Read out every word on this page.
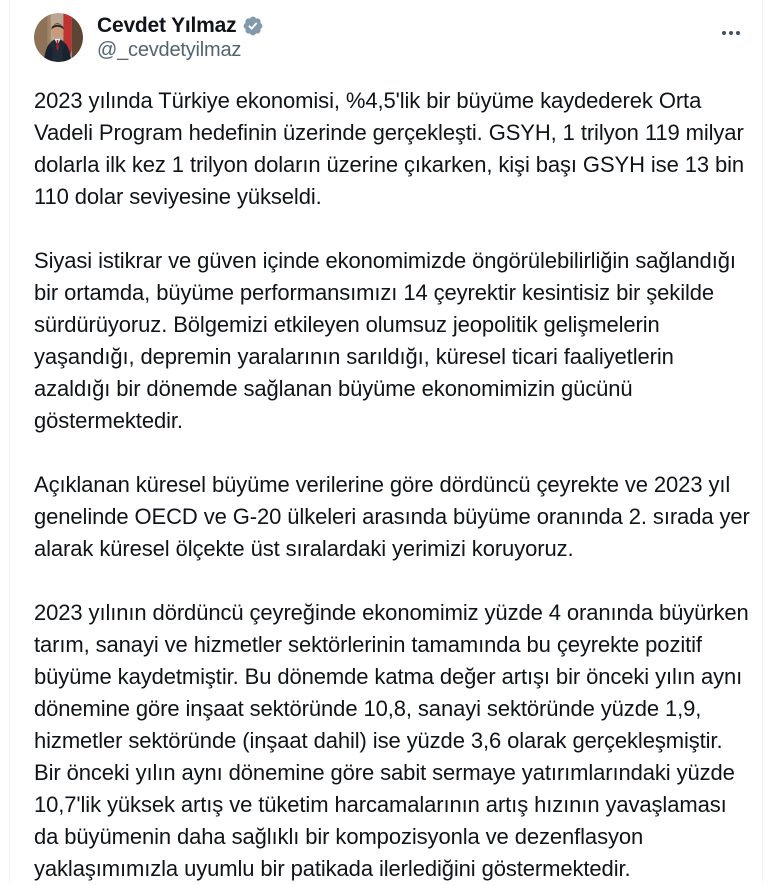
Cevdet Yılmaz
@_cevdetyilmaz

2023 yılında Türkiye ekonomisi, %4,5'lik bir büyüme kaydederek Orta Vadeli Program hedefinin üzerinde gerçekleşti. GSYH, 1 trilyon 119 milyar dolarla ilk kez 1 trilyon doların üzerine çıkarken, kişi başı GSYH ise 13 bin 110 dolar seviyesine yükseldi.

Siyasi istikrar ve güven içinde ekonomimizde öngörülebilirliğin sağlandığı bir ortamda, büyüme performansımızı 14 çeyrektir kesintisiz bir şekilde sürdürüyoruz. Bölgemizi etkileyen olumsuz jeopolitik gelişmelerin yaşandığı, depremin yaralarının sarıldığı, küresel ticari faaliyetlerin azaldığı bir dönemde sağlanan büyüme ekonomimizin gücünü göstermektedir.

Açıklanan küresel büyüme verilerine göre dördüncü çeyrekte ve 2023 yıl genelinde OECD ve G-20 ülkeleri arasında büyüme oranında 2. sırada yer alarak küresel ölçekte üst sıralardaki yerimizi koruyoruz.

2023 yılının dördüncü çeyreğinde ekonomimiz yüzde 4 oranında büyürken tarım, sanayi ve hizmetler sektörlerinin tamamında bu çeyrekte pozitif büyüme kaydetmiştir. Bu dönemde katma değer artışı bir önceki yılın aynı dönemine göre inşaat sektöründe 10,8, sanayi sektöründe yüzde 1,9, hizmetler sektöründe (inşaat dahil) ise yüzde 3,6 olarak gerçekleşmiştir. Bir önceki yılın aynı dönemine göre sabit sermaye yatırımlarındaki yüzde 10,7'lik yüksek artış ve tüketim harcamalarının artış hızının yavaşlaması da büyümenin daha sağlıklı bir kompozisyonla ve dezenflasyon yaklaşımımızla uyumlu bir patikada ilerlediğini göstermektedir.
